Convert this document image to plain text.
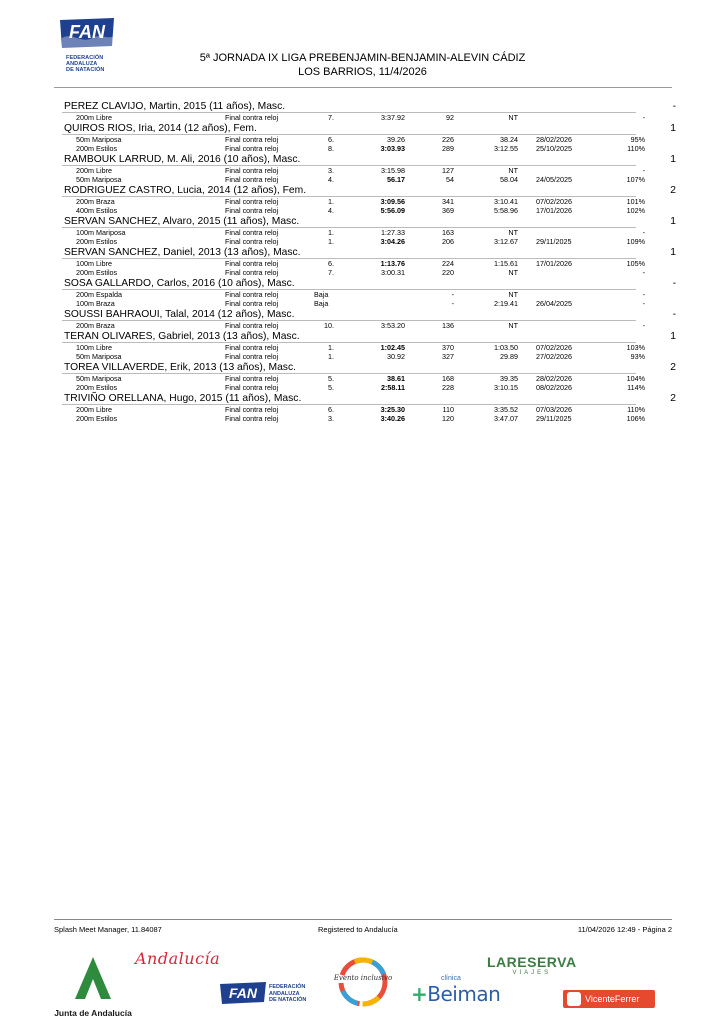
FAN
FEDERACIÓN
ANDALUZA
DE NATACIÓN
5ª JORNADA IX LIGA PREBENJAMIN-BENJAMIN-ALEVIN CÁDIZ
LOS BARRIOS, 11/4/2026
PEREZ CLAVIJO, Martin, 2015 (11 años), Masc.	-
200m Libre	Final contra reloj	7.	3:37.92	92	NT	-
QUIROS RIOS, Iria, 2014 (12 años), Fem.	1
50m Mariposa	Final contra reloj	6.	39.26	226	38.24	28/02/2026	95%
200m Estilos	Final contra reloj	8.	3:03.93	289	3:12.55	25/10/2025	110%
RAMBOUK LARRUD, M. Ali, 2016 (10 años), Masc.	1
200m Libre	Final contra reloj	3.	3:15.98	127	NT	-
50m Mariposa	Final contra reloj	4.	56.17	54	58.04	24/05/2025	107%
RODRIGUEZ CASTRO, Lucia, 2014 (12 años), Fem.	2
200m Braza	Final contra reloj	1.	3:09.56	341	3:10.41	07/02/2026	101%
400m Estilos	Final contra reloj	4.	5:56.09	369	5:58.96	17/01/2026	102%
SERVAN SANCHEZ, Alvaro, 2015 (11 años), Masc.	1
100m Mariposa	Final contra reloj	1.	1:27.33	163	NT	-
200m Estilos	Final contra reloj	1.	3:04.26	206	3:12.67	29/11/2025	109%
SERVAN SANCHEZ, Daniel, 2013 (13 años), Masc.	1
100m Libre	Final contra reloj	6.	1:13.76	224	1:15.61	17/01/2026	105%
200m Estilos	Final contra reloj	7.	3:00.31	220	NT	-
SOSA GALLARDO, Carlos, 2016 (10 años), Masc.	-
200m Espalda	Final contra reloj	Baja	-	NT	-
100m Braza	Final contra reloj	Baja	-	2:19.41	26/04/2025	-
SOUSSI BAHRAOUI, Talal, 2014 (12 años), Masc.	-
200m Braza	Final contra reloj	10.	3:53.20	136	NT	-
TERAN OLIVARES, Gabriel, 2013 (13 años), Masc.	1
100m Libre	Final contra reloj	1.	1:02.45	370	1:03.50	07/02/2026	103%
50m Mariposa	Final contra reloj	1.	30.92	327	29.89	27/02/2026	93%
TOREA VILLAVERDE, Erik, 2013 (13 años), Masc.	2
50m Mariposa	Final contra reloj	5.	38.61	168	39.35	28/02/2026	104%
200m Estilos	Final contra reloj	5.	2:58.11	228	3:10.15	08/02/2026	114%
TRIVIÑO ORELLANA, Hugo, 2015 (11 años), Masc.	2
200m Libre	Final contra reloj	6.	3:25.30	110	3:35.52	07/03/2026	110%
200m Estilos	Final contra reloj	3.	3:40.26	120	3:47.07	29/11/2025	106%
Splash Meet Manager, 11.84087	Registered to Andalucía	11/04/2026 12:49 - Página 2
Junta de Andalucía
Andalucía
FAN FEDERACIÓN
ANDALUZA
DE NATACIÓN
Evento inclusivo	clínica
+Beiman
LARESERVA
VIAJES
VicenteFerrer
